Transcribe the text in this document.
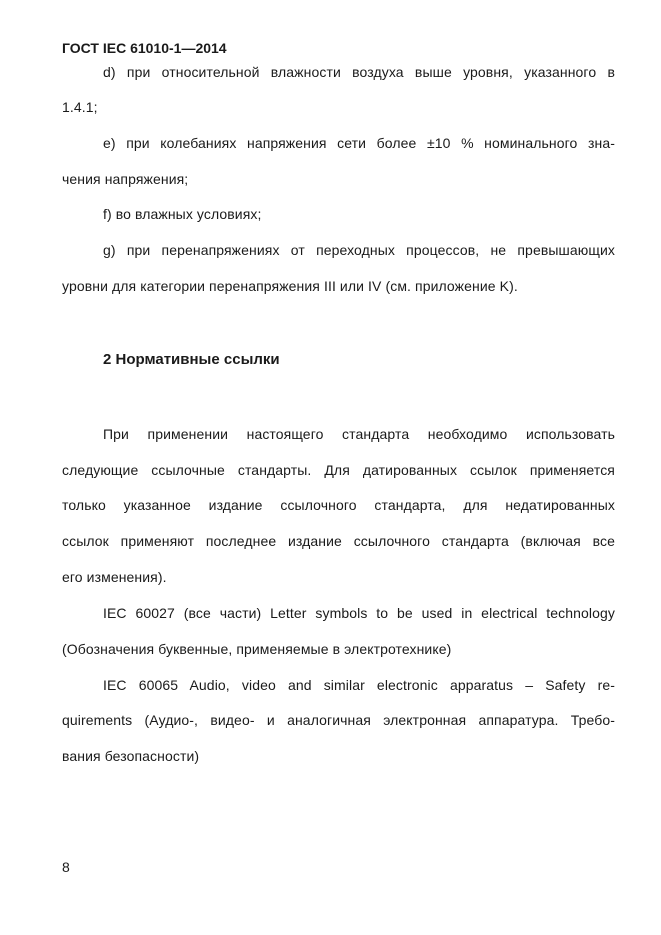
ГОСТ IEC 61010-1—2014
d) при относительной влажности воздуха выше уровня, указанного в
1.4.1;
e) при колебаниях напряжения сети более ±10 % номинального зна-
чения напряжения;
f) во влажных условиях;
g) при перенапряжениях от переходных процессов, не превышающих
уровни для категории перенапряжения III или IV (см. приложение K).
2 Нормативные ссылки
При применении настоящего стандарта необходимо использовать
следующие ссылочные стандарты. Для датированных ссылок применяется
только указанное издание ссылочного стандарта, для недатированных
ссылок применяют последнее издание ссылочного стандарта (включая все
его изменения).
IEC 60027 (все части) Letter symbols to be used in electrical technology
(Обозначения буквенные, применяемые в электротехнике)
IEC 60065 Audio, video and similar electronic apparatus – Safety re-
quirements (Аудио-, видео- и аналогичная электронная аппаратура. Требо-
вания безопасности)
8
